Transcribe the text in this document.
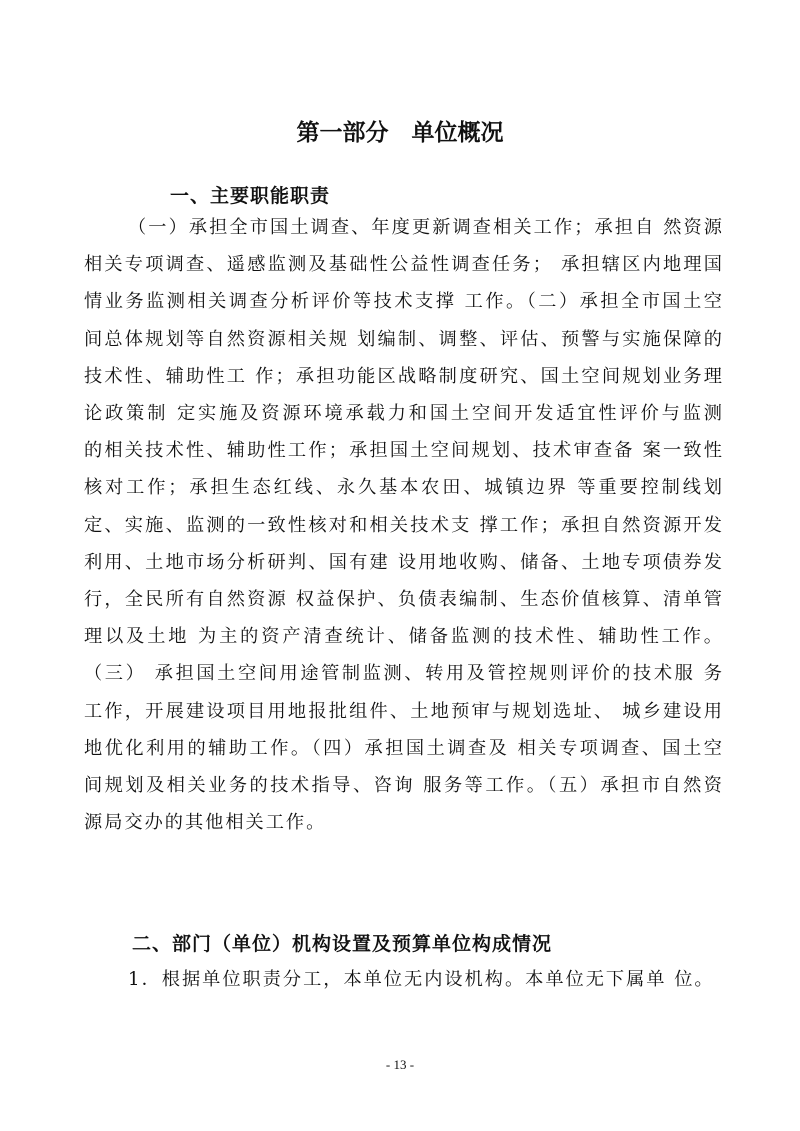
第一部分　单位概况
一、主要职能职责

（一）承担全市国土调查、年度更新调查相关工作；承担自 然资源相关专项调查、遥感监测及基础性公益性调查任务； 承担辖区内地理国情业务监测相关调查分析评价等技术支撑 工作。（二）承担全市国土空间总体规划等自然资源相关规 划编制、调整、评估、预警与实施保障的技术性、辅助性工 作；承担功能区战略制度研究、国土空间规划业务理论政策制 定实施及资源环境承载力和国土空间开发适宜性评价与监测 的相关技术性、辅助性工作；承担国土空间规划、技术审查备 案一致性核对工作；承担生态红线、永久基本农田、城镇边界 等重要控制线划定、实施、监测的一致性核对和相关技术支 撑工作；承担自然资源开发利用、土地市场分析研判、国有建 设用地收购、储备、土地专项债券发行，全民所有自然资源 权益保护、负债表编制、生态价值核算、清单管理以及土地 为主的资产清查统计、储备监测的技术性、辅助性工作。（三） 承担国土空间用途管制监测、转用及管控规则评价的技术服 务工作，开展建设项目用地报批组件、土地预审与规划选址、 城乡建设用地优化利用的辅助工作。（四）承担国土调查及 相关专项调查、国土空间规划及相关业务的技术指导、咨询 服务等工作。（五）承担市自然资源局交办的其他相关工作。

二、部门（单位）机构设置及预算单位构成情况

1．根据单位职责分工，本单位无内设机构。本单位无下属单 位。

- 13 -
